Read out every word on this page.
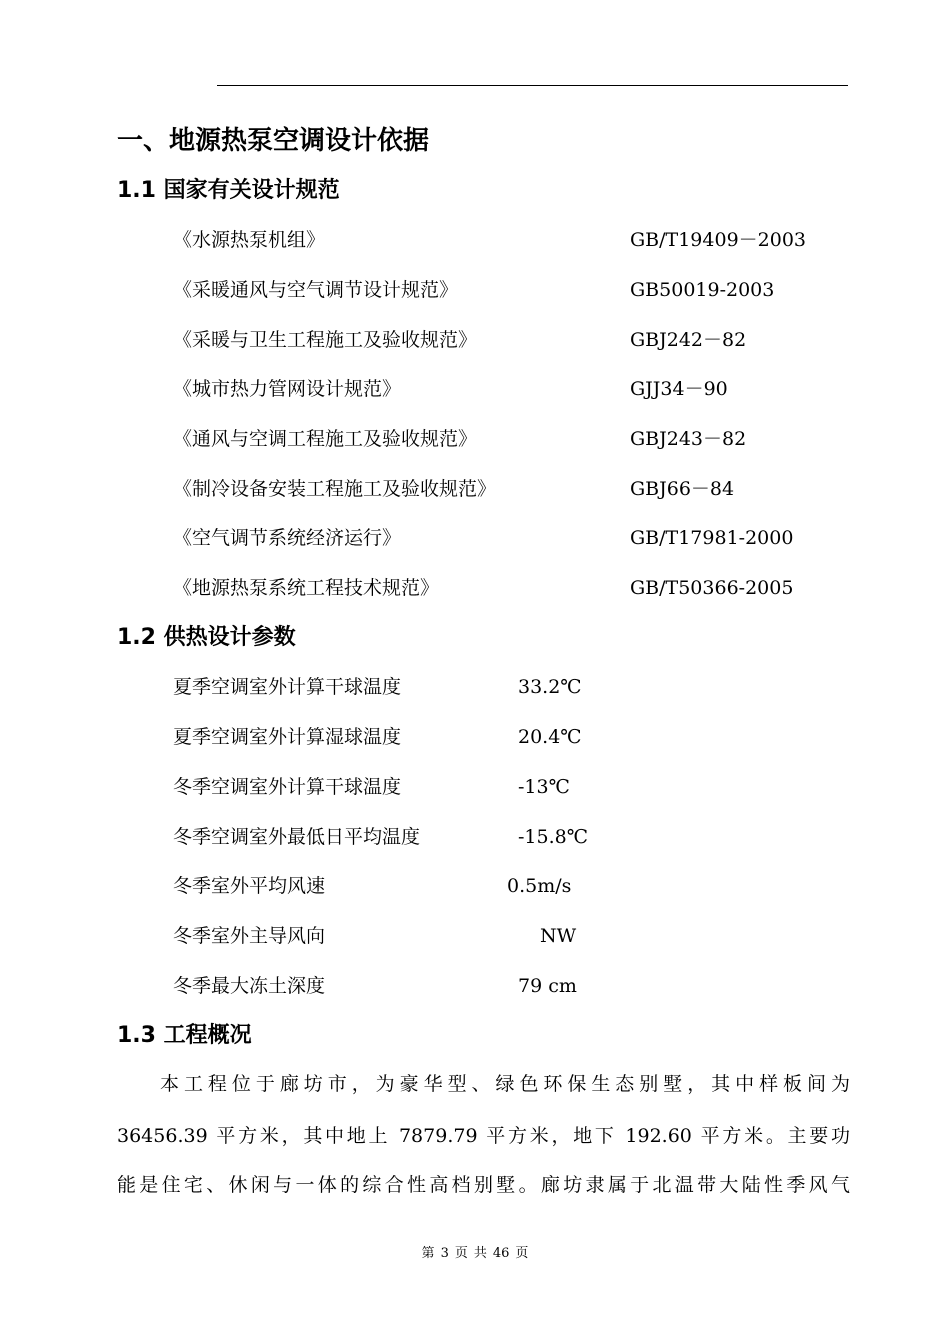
一、地源热泵空调设计依据
1.1 国家有关设计规范
《水源热泵机组》	GB/T19409－2003
《采暖通风与空气调节设计规范》	GB50019-2003
《采暖与卫生工程施工及验收规范》	GBJ242－82
《城市热力管网设计规范》	GJJ34－90
《通风与空调工程施工及验收规范》	GBJ243－82
《制冷设备安装工程施工及验收规范》	GBJ66－84
《空气调节系统经济运行》	GB/T17981-2000
《地源热泵系统工程技术规范》	GB/T50366-2005
1.2 供热设计参数
夏季空调室外计算干球温度	33.2℃
夏季空调室外计算湿球温度	20.4℃
冬季空调室外计算干球温度	-13℃
冬季空调室外最低日平均温度	-15.8℃
冬季室外平均风速	0.5m/s
冬季室外主导风向	NW
冬季最大冻土深度	79 cm
1.3 工程概况
本工程位于廊坊市，为豪华型、绿色环保生态别墅，其中样板间为
36456.39 平方米，其中地上 7879.79 平方米，地下 192.60 平方米。主要功
能是住宅、休闲与一体的综合性高档别墅。廊坊隶属于北温带大陆性季风气
第 3 页 共 46 页
